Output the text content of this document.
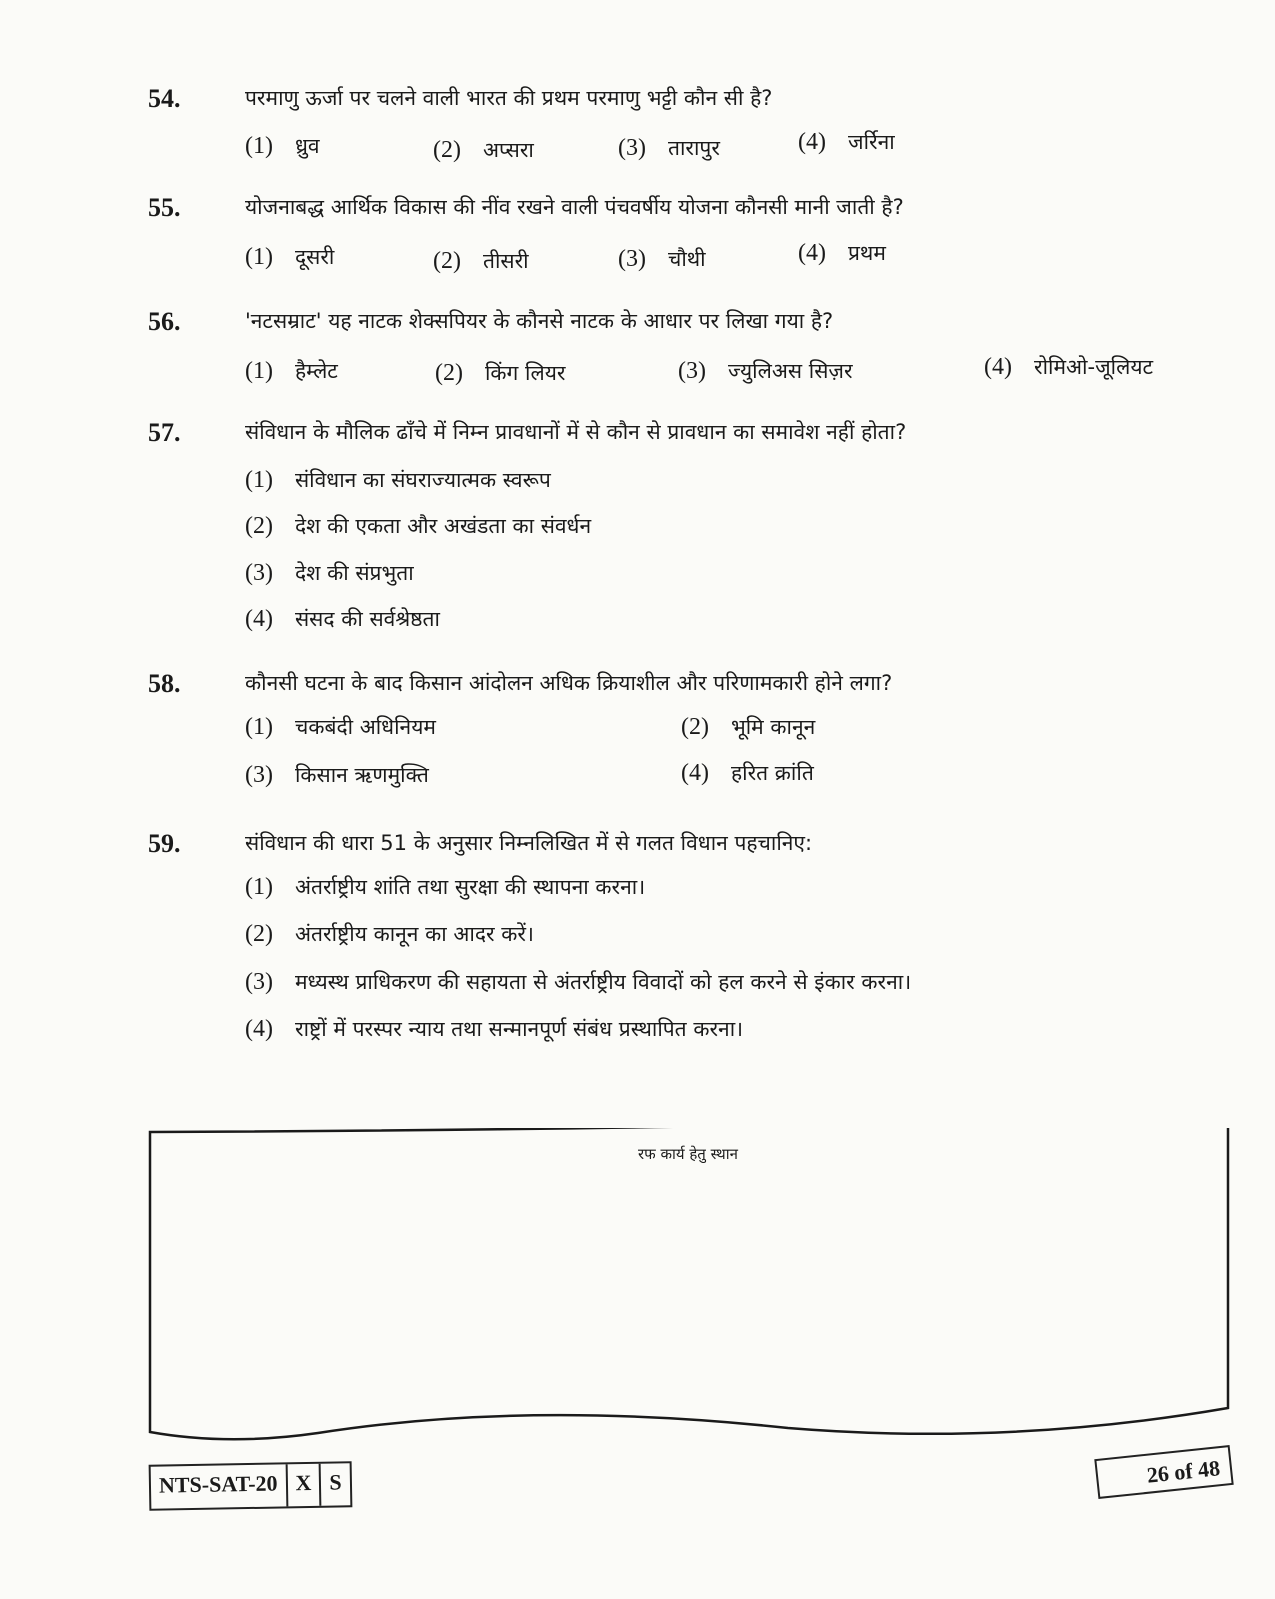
54.	परमाणु ऊर्जा पर चलने वाली भारत की प्रथम परमाणु भट्टी कौन सी है?
(1) ध्रुव	(2) अप्सरा	(3) तारापुर	(4) जर्रिना
55.	योजनाबद्ध आर्थिक विकास की नींव रखने वाली पंचवर्षीय योजना कौनसी मानी जाती है?
(1) दूसरी	(2) तीसरी	(3) चौथी	(4) प्रथम
56.	'नटसम्राट' यह नाटक शेक्सपियर के कौनसे नाटक के आधार पर लिखा गया है?
(1) हैम्लेट	(2) किंग लियर	(3) ज्युलिअस सिज़र	(4) रोमिओ-जूलियट
57.	संविधान के मौलिक ढाँचे में निम्न प्रावधानों में से कौन से प्रावधान का समावेश नहीं होता?
(1) संविधान का संघराज्यात्मक स्वरूप
(2) देश की एकता और अखंडता का संवर्धन
(3) देश की संप्रभुता
(4) संसद की सर्वश्रेष्ठता
58.	कौनसी घटना के बाद किसान आंदोलन अधिक क्रियाशील और परिणामकारी होने लगा?
(1) चकबंदी अधिनियम	(2) भूमि कानून
(3) किसान ऋणमुक्ति	(4) हरित क्रांति
59.	संविधान की धारा 51 के अनुसार निम्नलिखित में से गलत विधान पहचानिए:
(1) अंतर्राष्ट्रीय शांति तथा सुरक्षा की स्थापना करना।
(2) अंतर्राष्ट्रीय कानून का आदर करें।
(3) मध्यस्थ प्राधिकरण की सहायता से अंतर्राष्ट्रीय विवादों को हल करने से इंकार करना।
(4) राष्ट्रों में परस्पर न्याय तथा सन्मानपूर्ण संबंध प्रस्थापित करना।
रफ कार्य हेतु स्थान
NTS-SAT-20 X S	26 of 48
